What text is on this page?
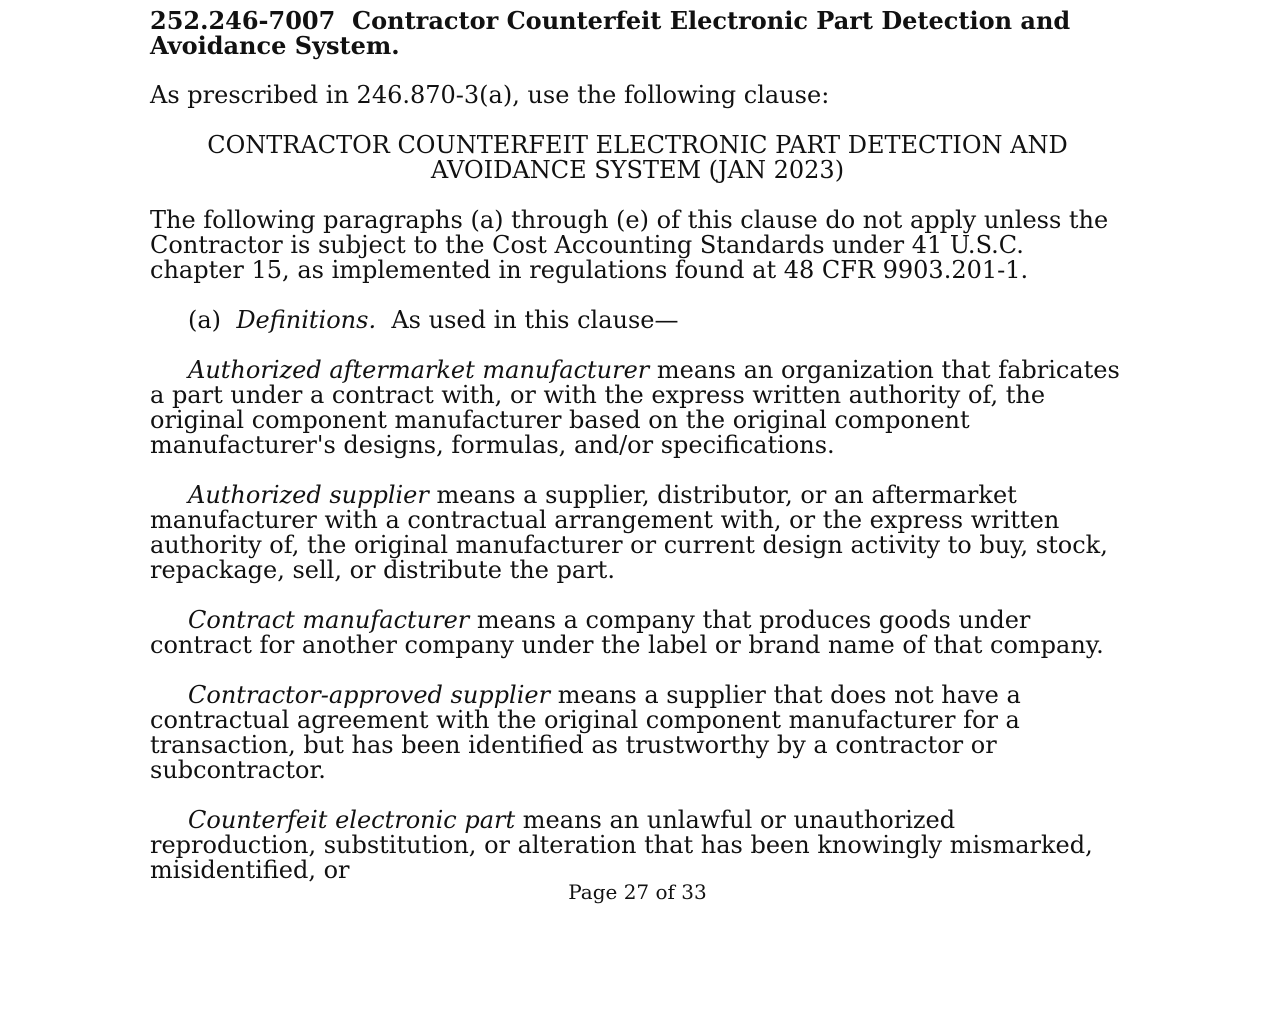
252.246-7007 Contractor Counterfeit Electronic Part Detection and Avoidance System.

As prescribed in 246.870-3(a), use the following clause:

CONTRACTOR COUNTERFEIT ELECTRONIC PART DETECTION AND
AVOIDANCE SYSTEM (JAN 2023)

The following paragraphs (a) through (e) of this clause do not apply unless the Contractor is subject to the Cost Accounting Standards under 41 U.S.C. chapter 15, as implemented in regulations found at 48 CFR 9903.201-1.

(a) Definitions. As used in this clause—

Authorized aftermarket manufacturer means an organization that fabricates a part under a contract with, or with the express written authority of, the original component manufacturer based on the original component manufacturer's designs, formulas, and/or specifications.

Authorized supplier means a supplier, distributor, or an aftermarket manufacturer with a contractual arrangement with, or the express written authority of, the original manufacturer or current design activity to buy, stock, repackage, sell, or distribute the part.

Contract manufacturer means a company that produces goods under contract for another company under the label or brand name of that company.

Contractor-approved supplier means a supplier that does not have a contractual agreement with the original component manufacturer for a transaction, but has been identified as trustworthy by a contractor or subcontractor.

Counterfeit electronic part means an unlawful or unauthorized reproduction, substitution, or alteration that has been knowingly mismarked, misidentified, or

Page 27 of 33
